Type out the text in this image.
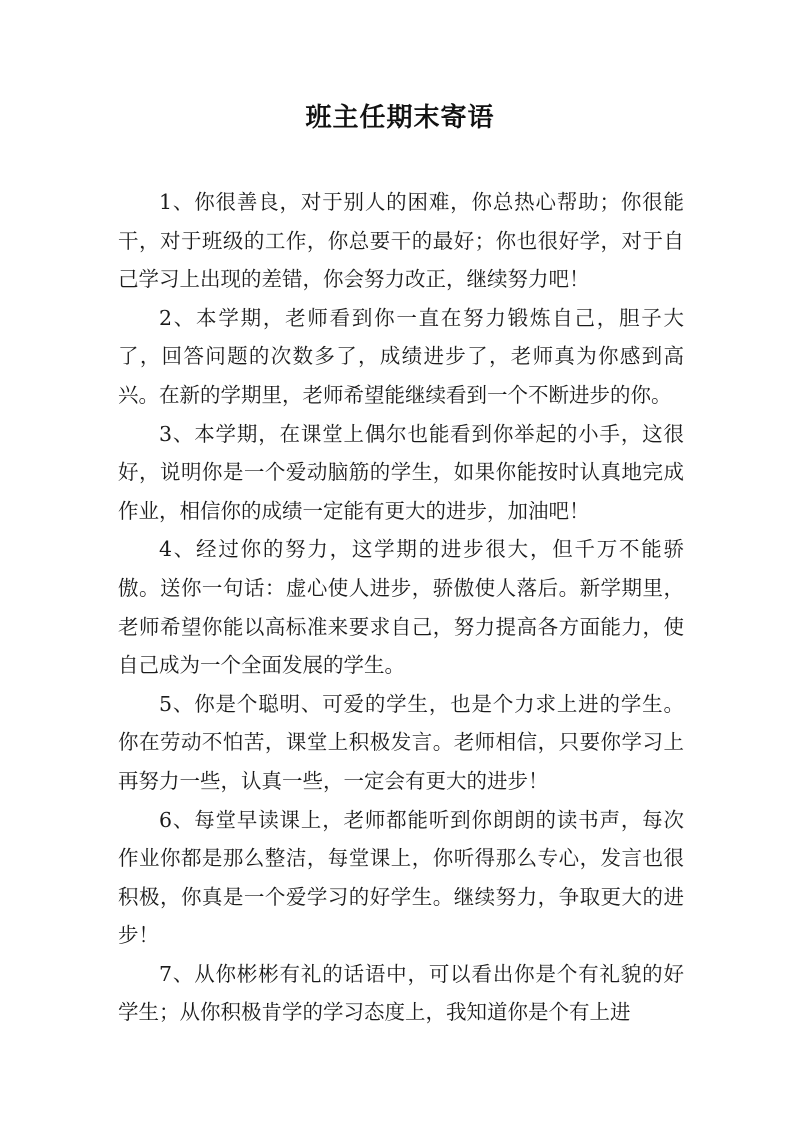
班主任期末寄语

1、你很善良，对于别人的困难，你总热心帮助；你很能干，对于班级的工作，你总要干的最好；你也很好学，对于自己学习上出现的差错，你会努力改正，继续努力吧！

2、本学期，老师看到你一直在努力锻炼自己，胆子大了，回答问题的次数多了，成绩进步了，老师真为你感到高兴。在新的学期里，老师希望能继续看到一个不断进步的你。

3、本学期，在课堂上偶尔也能看到你举起的小手，这很好，说明你是一个爱动脑筋的学生，如果你能按时认真地完成作业，相信你的成绩一定能有更大的进步，加油吧！

4、经过你的努力，这学期的进步很大，但千万不能骄傲。送你一句话：虚心使人进步，骄傲使人落后。新学期里，老师希望你能以高标准来要求自己，努力提高各方面能力，使自己成为一个全面发展的学生。

5、你是个聪明、可爱的学生，也是个力求上进的学生。你在劳动不怕苦，课堂上积极发言。老师相信，只要你学习上再努力一些，认真一些，一定会有更大的进步！

6、每堂早读课上，老师都能听到你朗朗的读书声，每次作业你都是那么整洁，每堂课上，你听得那么专心，发言也很积极，你真是一个爱学习的好学生。继续努力，争取更大的进步！

7、从你彬彬有礼的话语中，可以看出你是个有礼貌的好学生；从你积极肯学的学习态度上，我知道你是个有上进
